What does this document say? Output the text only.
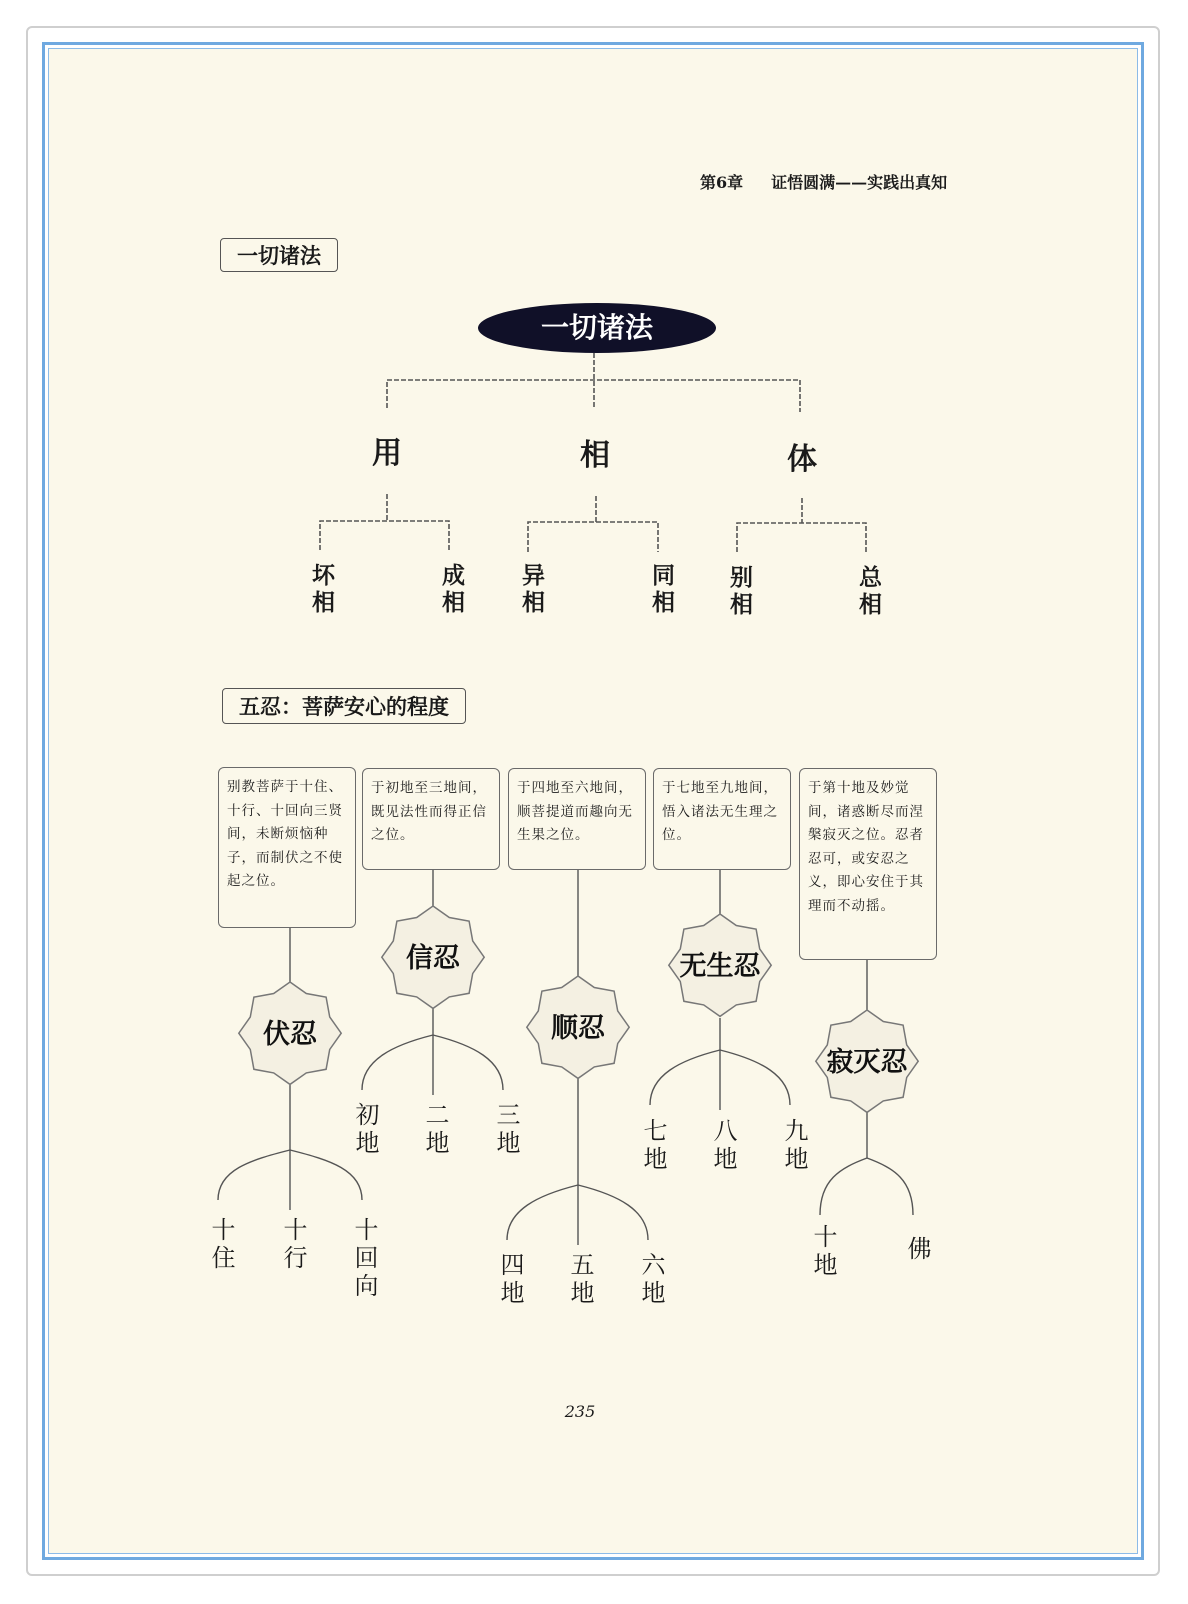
第6章 证悟圆满——实践出真知
伏忍
信忍
顺忍
无生忍
寂灭忍
一切诸法
一切诸法
用	相	体
坏相	成相 异相	同相 别相	总相
五忍：菩萨安心的程度
别教菩萨于十住、十行、十回向三贤间，未断烦恼种子，而制伏之不使起之位。
于初地至三地间，既见法性而得正信之位。
于四地至六地间，顺菩提道而趣向无生果之位。
于七地至九地间，悟入诸法无生理之位。
于第十地及妙觉间，诸惑断尽而涅槃寂灭之位。忍者忍可，或安忍之义，即心安住于其理而不动摇。
十住 十行 十回向
初地 二地 三地
四地 五地 六地
七地 八地 九地
十地	佛
235
